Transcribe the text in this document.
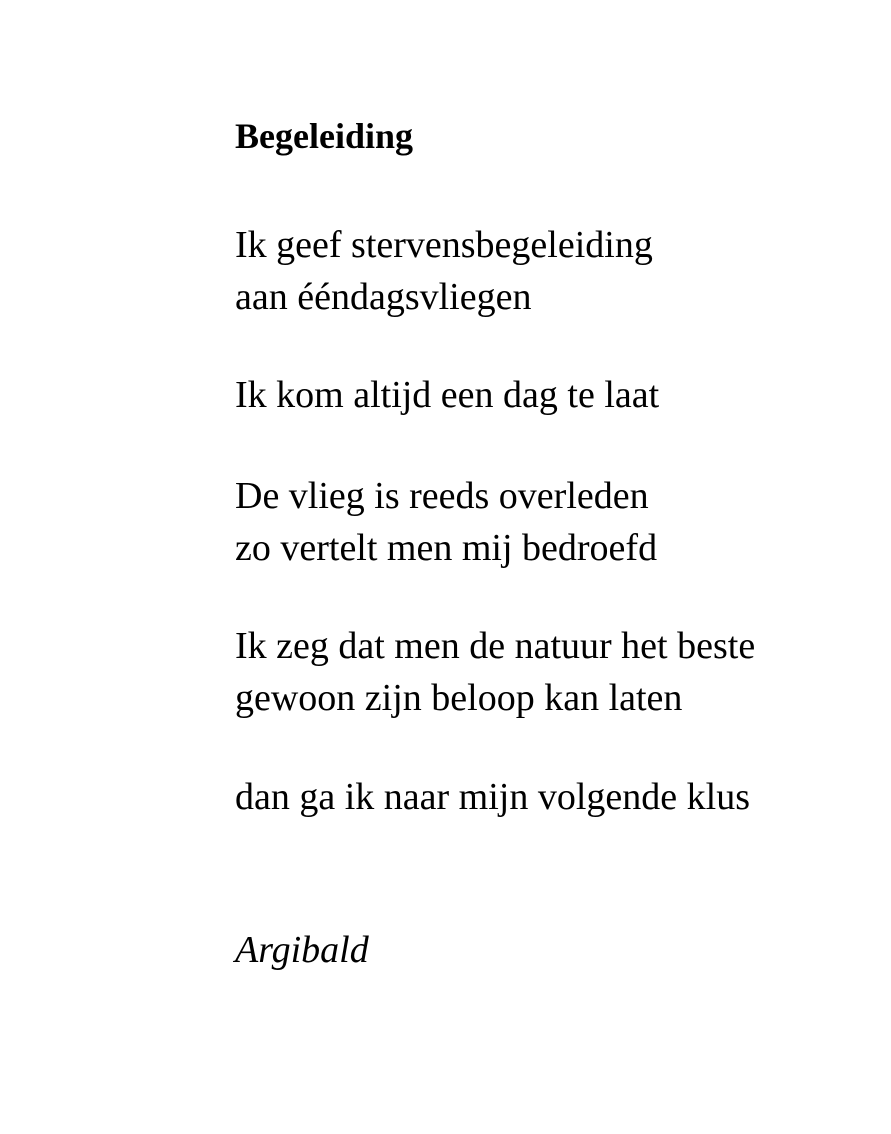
Begeleiding
Ik geef stervensbegeleiding
aan ééndagsvliegen
Ik kom altijd een dag te laat
De vlieg is reeds overleden
zo vertelt men mij bedroefd
Ik zeg dat men de natuur het beste
gewoon zijn beloop kan laten
dan ga ik naar mijn volgende klus

Argibald
